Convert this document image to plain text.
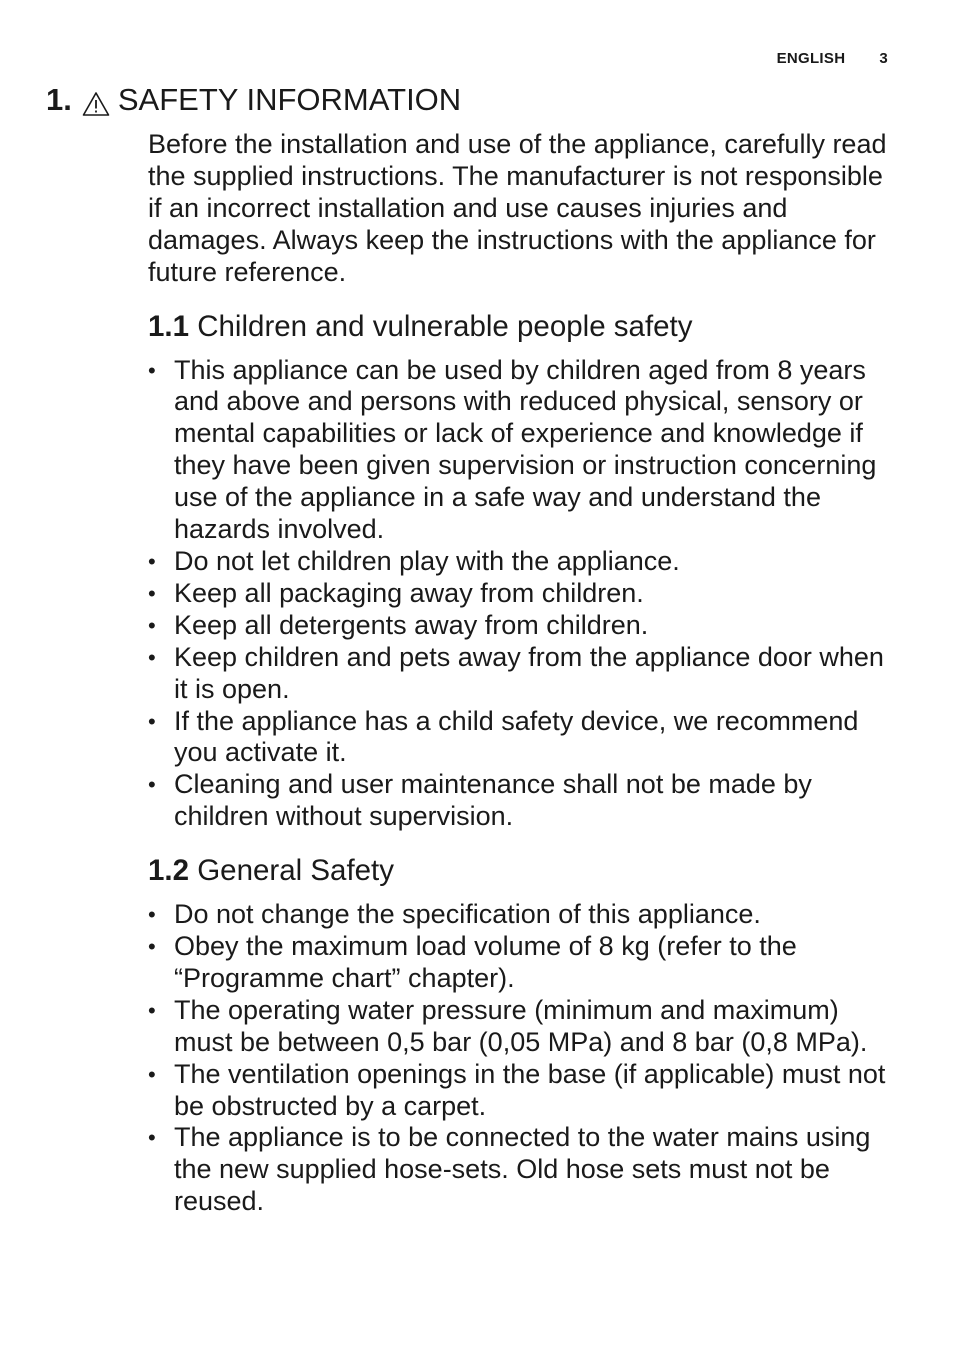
ENGLISH 3
1. SAFETY INFORMATION

Before the installation and use of the appliance, carefully read the supplied instructions. The manufacturer is not responsible if an incorrect installation and use causes injuries and damages. Always keep the instructions with the appliance for future reference.

1.1 Children and vulnerable people safety
• This appliance can be used by children aged from 8 years and above and persons with reduced physical, sensory or mental capabilities or lack of experience and knowledge if they have been given supervision or instruction concerning use of the appliance in a safe way and understand the hazards involved.
• Do not let children play with the appliance.
• Keep all packaging away from children.
• Keep all detergents away from children.
• Keep children and pets away from the appliance door when it is open.
• If the appliance has a child safety device, we recommend you activate it.
• Cleaning and user maintenance shall not be made by children without supervision.
1.2 General Safety
• Do not change the specification of this appliance.
• Obey the maximum load volume of 8 kg (refer to the “Programme chart” chapter).
• The operating water pressure (minimum and maximum) must be between 0,5 bar (0,05 MPa) and 8 bar (0,8 MPa).
• The ventilation openings in the base (if applicable) must not be obstructed by a carpet.
• The appliance is to be connected to the water mains using the new supplied hose-sets. Old hose sets must not be reused.
